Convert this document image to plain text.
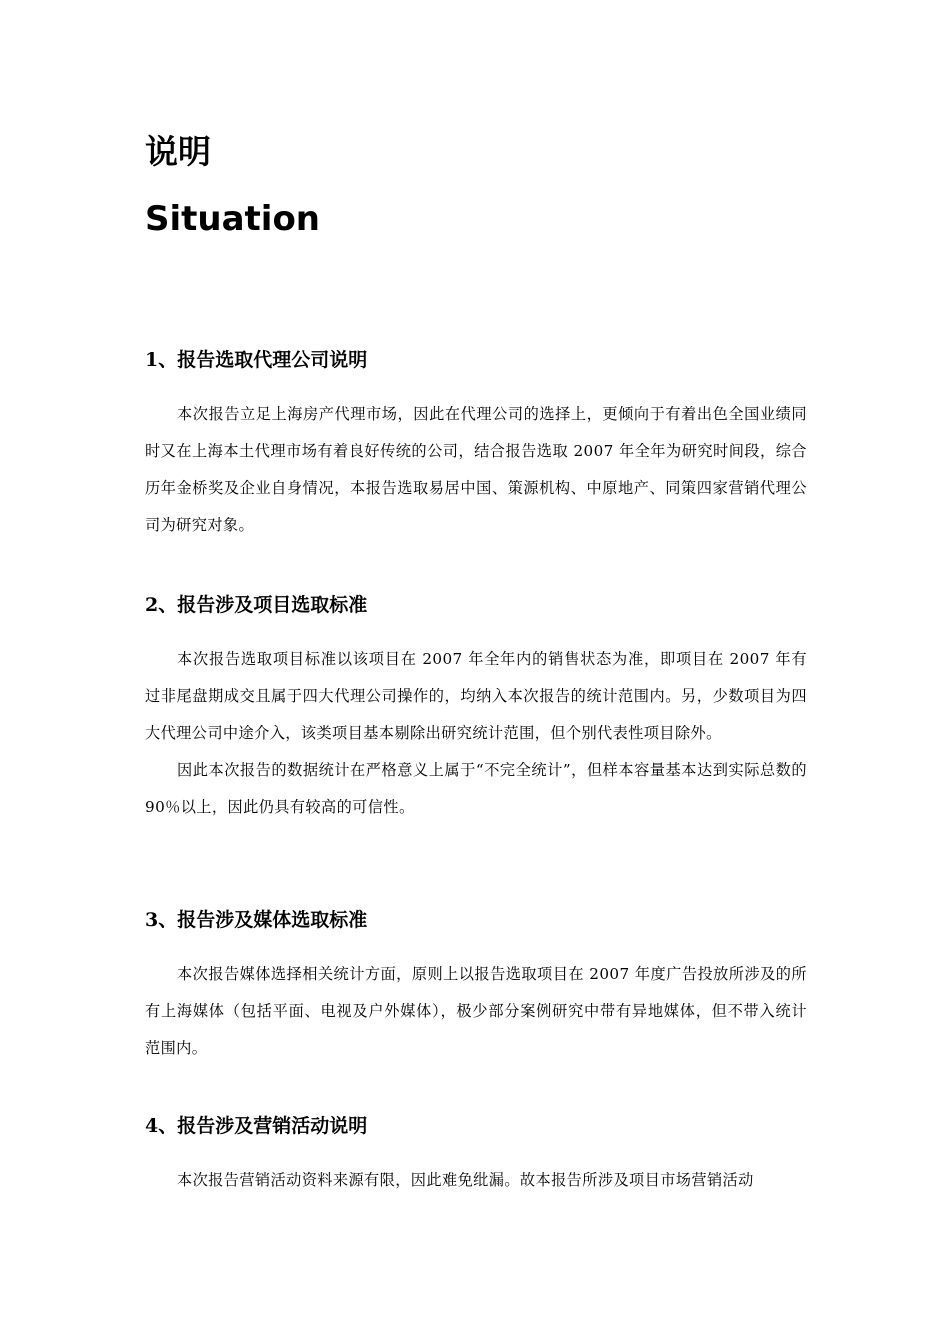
说明
Situation
1、报告选取代理公司说明

本次报告立足上海房产代理市场，因此在代理公司的选择上，更倾向于有着出色全国业绩同时又在上海本土代理市场有着良好传统的公司，结合报告选取 2007 年全年为研究时间段，综合历年金桥奖及企业自身情况，本报告选取易居中国、策源机构、中原地产、同策四家营销代理公司为研究对象。

2、报告涉及项目选取标准

本次报告选取项目标准以该项目在 2007 年全年内的销售状态为准，即项目在 2007 年有过非尾盘期成交且属于四大代理公司操作的，均纳入本次报告的统计范围内。另，少数项目为四大代理公司中途介入，该类项目基本剔除出研究统计范围，但个别代表性项目除外。

因此本次报告的数据统计在严格意义上属于“不完全统计”，但样本容量基本达到实际总数的 90％以上，因此仍具有较高的可信性。

3、报告涉及媒体选取标准

本次报告媒体选择相关统计方面，原则上以报告选取项目在 2007 年度广告投放所涉及的所有上海媒体（包括平面、电视及户外媒体），极少部分案例研究中带有异地媒体，但不带入统计范围内。

4、报告涉及营销活动说明

本次报告营销活动资料来源有限，因此难免纰漏。故本报告所涉及项目市场营销活动
